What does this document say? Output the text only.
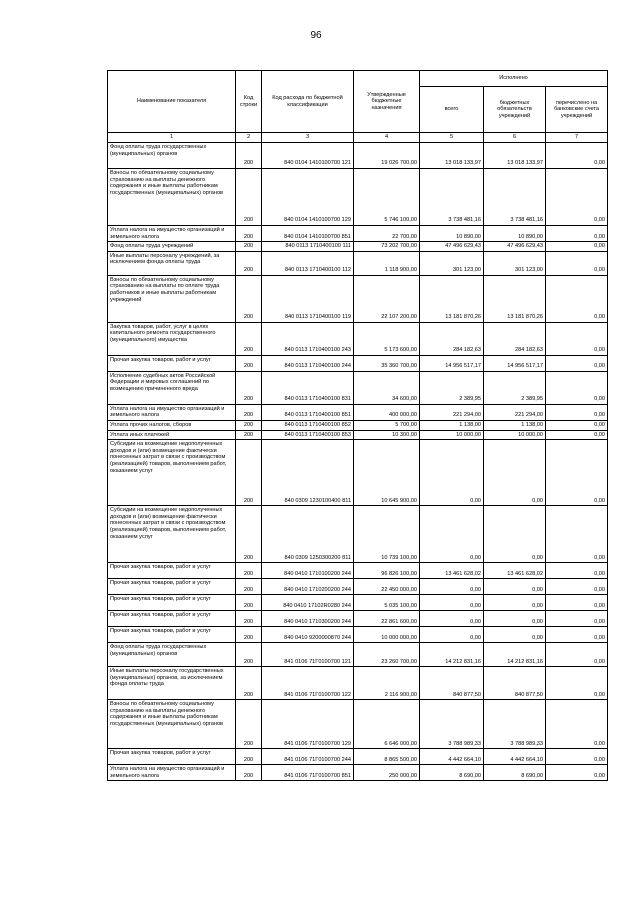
96
Наименование показателя	Код строки	Код расхода по бюджетной классификации	Утвержденные бюджетные назначения	Исполнено		
				всего	бюджетных обязательств учреждений	перечислено на банковские счета учреждений
1	2	3	4	5	6	7
Фонд оплаты труда государственных (муниципальных) органов	200	840 0104 1410100700 121	19 026 700,00	13 018 133,97	13 018 133,97	0,00
Взносы по обязательному социальному страхованию на выплаты денежного содержания и иные выплаты работникам государственных (муниципальных) органов	200	840 0104 1410100700 129	5 746 100,00	3 738 481,16	3 738 481,16	0,00
Уплата налога на имущество организаций и земельного налога	200	840 0104 1410100700 851	22 700,00	10 890,00	10 890,00	0,00
Фонд оплаты труда учреждений	200	840 0113 1710400100 111	73 202 700,00	47 496 629,43	47 496 629,43	0,00
Иные выплаты персоналу учреждений, за исключением фонда оплаты труда	200	840 0113 1710400100 112	1 118 900,00	301 123,00	301 123,00	0,00
Взносы по обязательному социальному страхованию на выплаты по оплате труда работников и иные выплаты работникам учреждений	200	840 0113 1710400100 119	22 107 200,00	13 181 870,26	13 181 870,26	0,00
Закупка товаров, работ, услуг в целях капитального ремонта государственного (муниципального) имущества	200	840 0113 1710400100 243	5 173 600,00	284 182,63	284 182,63	0,00
Прочая закупка товаров, работ и услуг	200	840 0113 1710400100 244	35 360 700,00	14 956 517,17	14 956 517,17	0,00
Исполнение судебных актов Российской Федерации и мировых соглашений по возмещению причиненного вреда	200	840 0113 1710400100 831	34 600,00	2 389,95	2 389,95	0,00
Уплата налога на имущество организаций и земельного налога	200	840 0113 1710400100 851	400 000,00	221 294,00	221 294,00	0,00
Уплата прочих налогов, сборов	200	840 0113 1710400100 852	5 700,00	1 138,00	1 138,00	0,00
Уплата иных платежей	200	840 0113 1710400100 853	10 300,00	10 000,00	10 000,00	0,00
Субсидии на возмещение недополученных доходов и (или) возмещение фактически понесенных затрат в связи с производством (реализацией) товаров, выполнением работ, оказанием услуг	200	840 0309 1230100400 811	10 645 900,00	0,00	0,00	0,00
Субсидии на возмещение недополученных доходов и (или) возмещение фактически понесенных затрат в связи с производством (реализацией) товаров, выполнением работ, оказанием услуг	200	840 0309 1250300200 811	10 739 100,00	0,00	0,00	0,00
Прочая закупка товаров, работ и услуг	200	840 0410 1710100200 244	96 826 100,00	13 461 628,02	13 461 628,02	0,00
Прочая закупка товаров, работ и услуг	200	840 0410 1710200200 244	22 450 000,00	0,00	0,00	0,00
Прочая закупка товаров, работ и услуг	200	840 0410 17102R0280 244	5 035 100,00	0,00	0,00	0,00
Прочая закупка товаров, работ и услуг	200	840 0410 1710300200 244	22 861 600,00	0,00	0,00	0,00
Прочая закупка товаров, работ и услуг	200	840 0410 9200000870 244	10 000 000,00	0,00	0,00	0,00
Фонд оплаты труда государственных (муниципальных) органов	200	841 0106 71Г0100700 121	23 260 700,00	14 212 831,16	14 212 831,16	0,00
Иные выплаты персоналу государственных (муниципальных) органов, за исключением фонда оплаты труда	200	841 0106 71Г0100700 122	2 116 900,00	840 877,50	840 877,50	0,00
Взносы по обязательному социальному страхованию на выплаты денежного содержания и иные выплаты работникам государственных (муниципальных) органов	200	841 0106 71Г0100700 129	6 646 000,00	3 788 989,33	3 788 989,33	0,00
Прочая закупка товаров, работ и услуг	200	841 0106 71Г0100700 244	8 865 500,00	4 442 664,10	4 442 664,10	0,00
Уплата налога на имущество организаций и земельного налога	200	841 0106 71Г0100700 851	250 000,00	8 690,00	8 690,00	0,00
